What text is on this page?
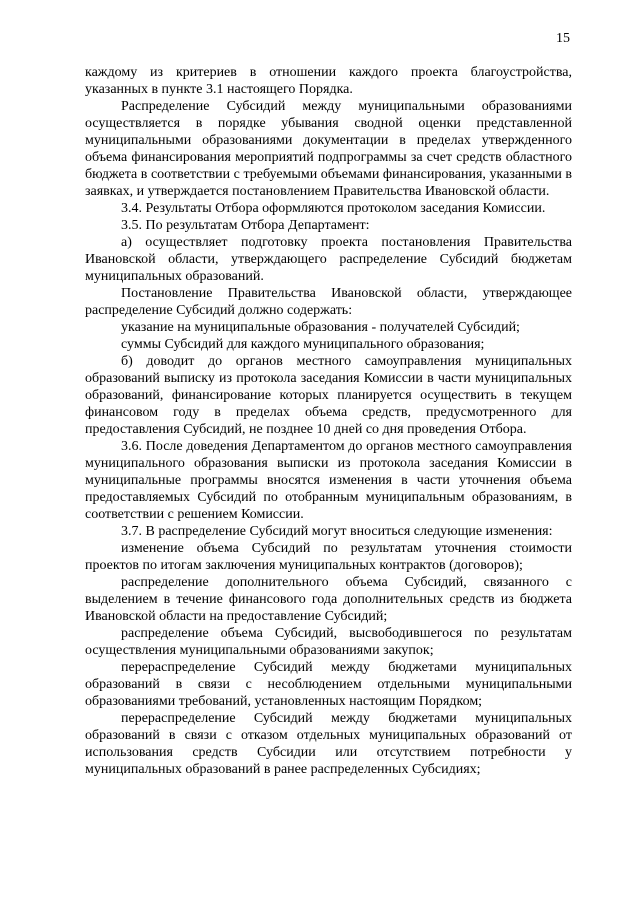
15

каждому из критериев в отношении каждого проекта благоустройства, указанных в пункте 3.1 настоящего Порядка.

Распределение Субсидий между муниципальными образованиями осуществляется в порядке убывания сводной оценки представленной муниципальными образованиями документации в пределах утвержденного объема финансирования мероприятий подпрограммы за счет средств областного бюджета в соответствии с требуемыми объемами финансирования, указанными в заявках, и утверждается постановлением Правительства Ивановской области.

3.4. Результаты Отбора оформляются протоколом заседания Комиссии.

3.5. По результатам Отбора Департамент:

а) осуществляет подготовку проекта постановления Правительства Ивановской области, утверждающего распределение Субсидий бюджетам муниципальных образований.

Постановление Правительства Ивановской области, утверждающее распределение Субсидий должно содержать:

указание на муниципальные образования - получателей Субсидий;

суммы Субсидий для каждого муниципального образования;

б) доводит до органов местного самоуправления муниципальных образований выписку из протокола заседания Комиссии в части муниципальных образований, финансирование которых планируется осуществить в текущем финансовом году в пределах объема средств, предусмотренного для предоставления Субсидий, не позднее 10 дней со дня проведения Отбора.

3.6. После доведения Департаментом до органов местного самоуправления муниципального образования выписки из протокола заседания Комиссии в муниципальные программы вносятся изменения в части уточнения объема предоставляемых Субсидий по отобранным муниципальным образованиям, в соответствии с решением Комиссии.

3.7. В распределение Субсидий могут вноситься следующие изменения:

изменение объема Субсидий по результатам уточнения стоимости проектов по итогам заключения муниципальных контрактов (договоров);

распределение дополнительного объема Субсидий, связанного с выделением в течение финансового года дополнительных средств из бюджета Ивановской области на предоставление Субсидий;

распределение объема Субсидий, высвободившегося по результатам осуществления муниципальными образованиями закупок;

перераспределение Субсидий между бюджетами муниципальных образований в связи с несоблюдением отдельными муниципальными образованиями требований, установленных настоящим Порядком;

перераспределение Субсидий между бюджетами муниципальных образований в связи с отказом отдельных муниципальных образований от использования средств Субсидии или отсутствием потребности у муниципальных образований в ранее распределенных Субсидиях;
